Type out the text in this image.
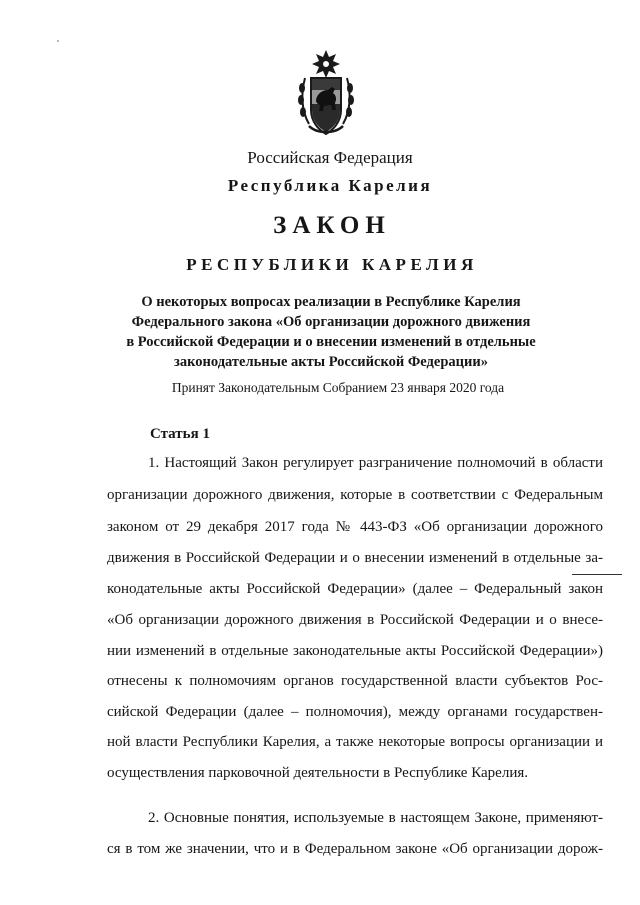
Российская Федерация
Республика Карелия
ЗАКОН
РЕСПУБЛИКИ КАРЕЛИЯ
О некоторых вопросах реализации в Республике Карелия
Федерального закона «Об организации дорожного движения
в Российской Федерации и о внесении изменений в отдельные
законодательные акты Российской Федерации»
Принят Законодательным Собранием 23 января 2020 года
Статья 1
1. Настоящий Закон регулирует разграничение полномочий в области
организации дорожного движения, которые в соответствии с Федеральным
законом от 29 декабря 2017 года № 443-ФЗ «Об организации дорожного
движения в Российской Федерации и о внесении изменений в отдельные за-
конодательные акты Российской Федерации» (далее – Федеральный закон
«Об организации дорожного движения в Российской Федерации и о внесе-
нии изменений в отдельные законодательные акты Российской Федерации»)
отнесены к полномочиям органов государственной власти субъектов Рос-
сийской Федерации (далее – полномочия), между органами государствен-
ной власти Республики Карелия, а также некоторые вопросы организации и
осуществления парковочной деятельности в Республике Карелия.
2. Основные понятия, используемые в настоящем Законе, применяют-
ся в том же значении, что и в Федеральном законе «Об организации дорож-
